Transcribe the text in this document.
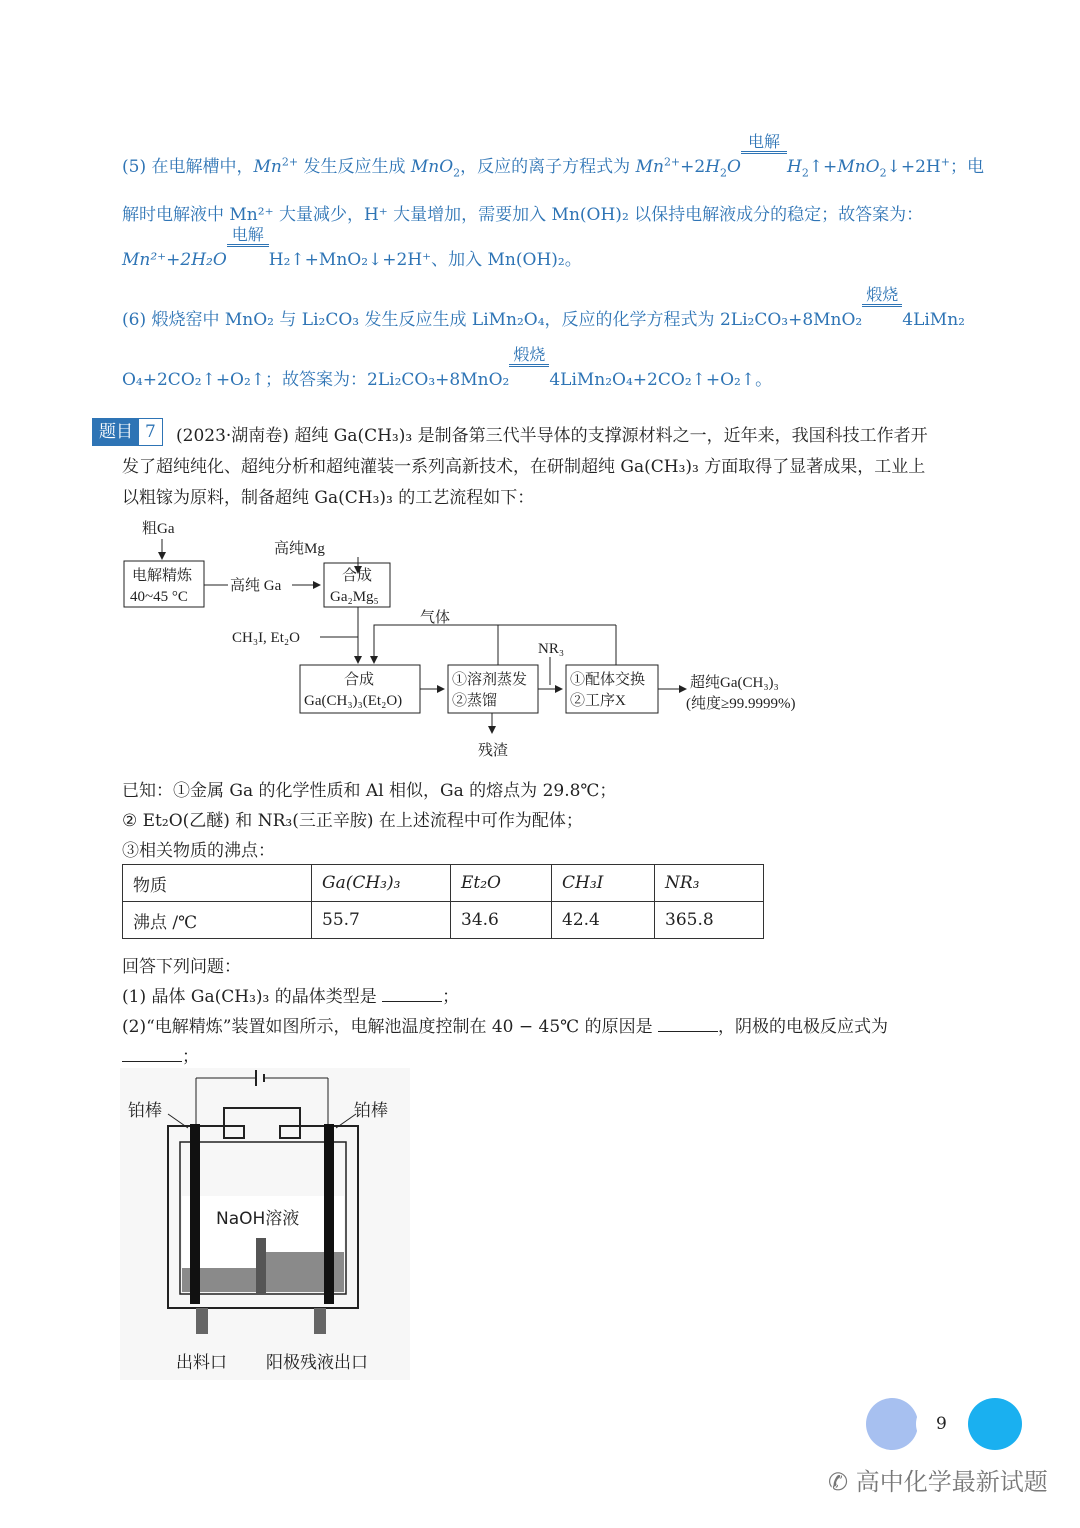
(5) 在电解槽中，$Mn^{2+}$ 发生反应生成 MnO$_2$，反应的离子方程式为 $Mn^{2+}+2H_2O$
电解
$H_2↑+MnO_2↓+2H^+$；电
解时电解液中 Mn²⁺ 大量减少，H⁺ 大量增加，需要加入 Mn(OH)₂ 以保持电解液成分的稳定；故答案为：
Mn²⁺+2H₂O
电解
H₂↑+MnO₂↓+2H⁺、加入 Mn(OH)₂。
(6) 煅烧窑中 MnO₂ 与 Li₂CO₃ 发生反应生成 LiMn₂O₄，反应的化学方程式为 2Li₂CO₃+8MnO₂
煅烧
4LiMn₂
O₄+2CO₂↑+O₂↑；故答案为：2Li₂CO₃+8MnO₂
煅烧
4LiMn₂O₄+2CO₂↑+O₂↑。
题目 7	(2023·湖南卷) 超纯 Ga(CH₃)₃ 是制备第三代半导体的支撑源材料之一，近年来，我国科技工作者开
发了超纯纯化、超纯分析和超纯灌装一系列高新技术，在研制超纯 Ga(CH₃)₃ 方面取得了显著成果，工业上
以粗镓为原料，制备超纯 Ga(CH₃)₃ 的工艺流程如下：
粗Ga
电解精炼
40~45 °C
高纯 Ga
高纯Mg
合成
Ga₂Mg₅
CH₃I, Et₂O
气体
合成
Ga(CH₃)₃(Et₂O)
①溶剂蒸发
②蒸馏
残渣
NR₃
①配体交换
②工序X
超纯Ga(CH₃)₃
(纯度≥99.9999%)
已知：①金属 Ga 的化学性质和 Al 相似，Ga 的熔点为 29.8℃；
② Et₂O(乙醚) 和 NR₃(三正辛胺) 在上述流程中可作为配体；
③相关物质的沸点：
物质	Ga(CH₃)₃	Et₂O	CH₃I	NR₃
沸点 /℃	55.7	34.6	42.4	365.8
回答下列问题：
(1) 晶体 Ga(CH₃)₃ 的晶体类型是	；
(2)“电解精炼”装置如图所示，电解池温度控制在 40 − 45℃ 的原因是	，阴极的电极反应式为
；
铂棒	铂棒
NaOH溶液
出料口 阳极残液出口
9
✆ 高中化学最新试题
